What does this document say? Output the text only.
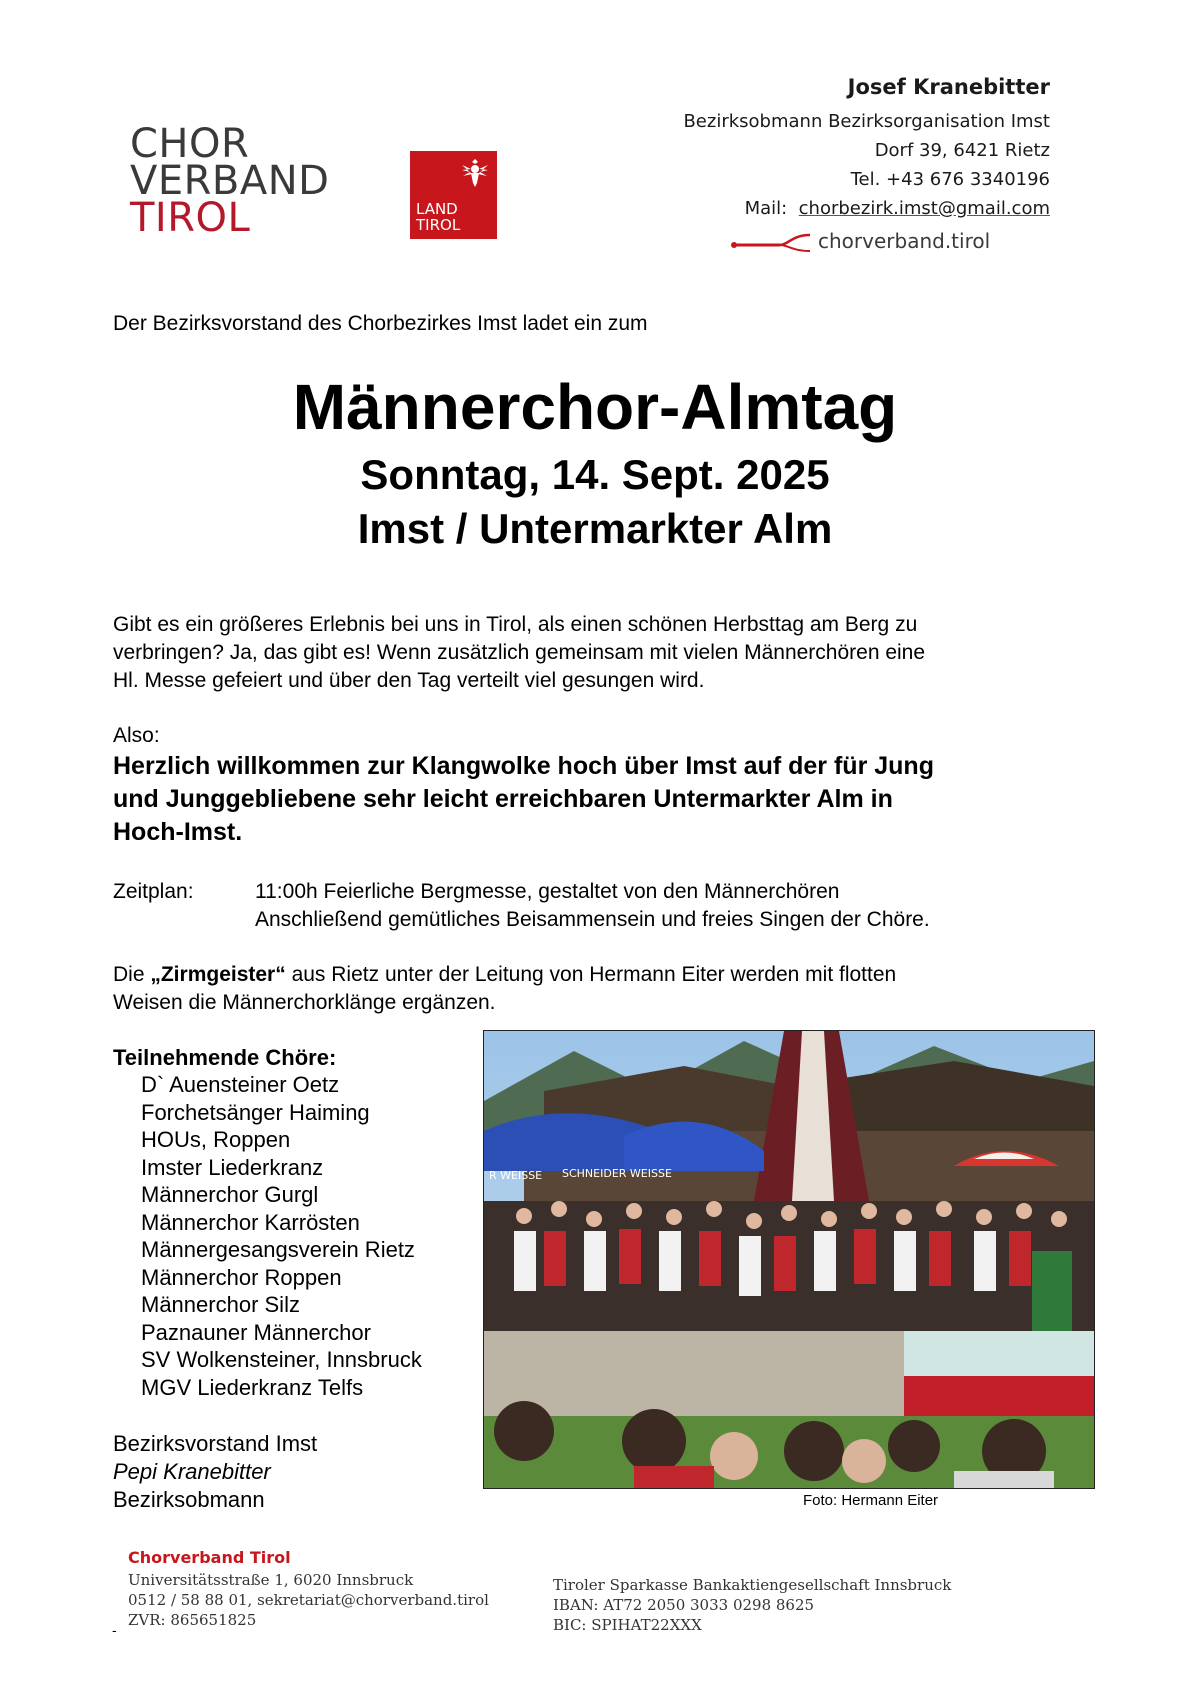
CHOR
VERBAND
TIROL	LAND
TIROL
Josef Kranebitter
Bezirksobmann Bezirksorganisation Imst
Dorf 39, 6421 Rietz
Tel. +43 676 3340196
Mail: chorbezirk.imst@gmail.com
chorverband.tirol
Der Bezirksvorstand des Chorbezirkes Imst ladet ein zum
Männerchor-Almtag
Sonntag, 14. Sept. 2025
Imst / Untermarkter Alm
Gibt es ein größeres Erlebnis bei uns in Tirol, als einen schönen Herbsttag am Berg zu
verbringen? Ja, das gibt es! Wenn zusätzlich gemeinsam mit vielen Männerchören eine
Hl. Messe gefeiert und über den Tag verteilt viel gesungen wird.
Also:
Herzlich willkommen zur Klangwolke hoch über Imst auf der für Jung
und Junggebliebene sehr leicht erreichbaren Untermarkter Alm in
Hoch-Imst.
Zeitplan:	11:00h Feierliche Bergmesse, gestaltet von den Männerchören
Anschließend gemütliches Beisammensein und freies Singen der Chöre.
Die „Zirmgeister“ aus Rietz unter der Leitung von Hermann Eiter werden mit flotten
Weisen die Männerchorklänge ergänzen.
Teilnehmende Chöre:
D` Auensteiner Oetz
Forchetsänger Haiming
HOUs, Roppen
Imster Liederkranz
Männerchor Gurgl
Männerchor Karrösten
Männergesangsverein Rietz
Männerchor Roppen
Männerchor Silz
Paznauner Männerchor
SV Wolkensteiner, Innsbruck
MGV Liederkranz Telfs
Bezirksvorstand Imst
Pepi Kranebitter
Bezirksobmann
R WEISSE SCHNEIDER WEISSE
Foto: Hermann Eiter
Chorverband Tirol
Universitätsstraße 1, 6020 Innsbruck
0512 / 58 88 01, sekretariat@chorverband.tirol
ZVR: 865651825
-
Tiroler Sparkasse Bankaktiengesellschaft Innsbruck
IBAN: AT72 2050 3033 0298 8625
BIC: SPIHAT22XXX
